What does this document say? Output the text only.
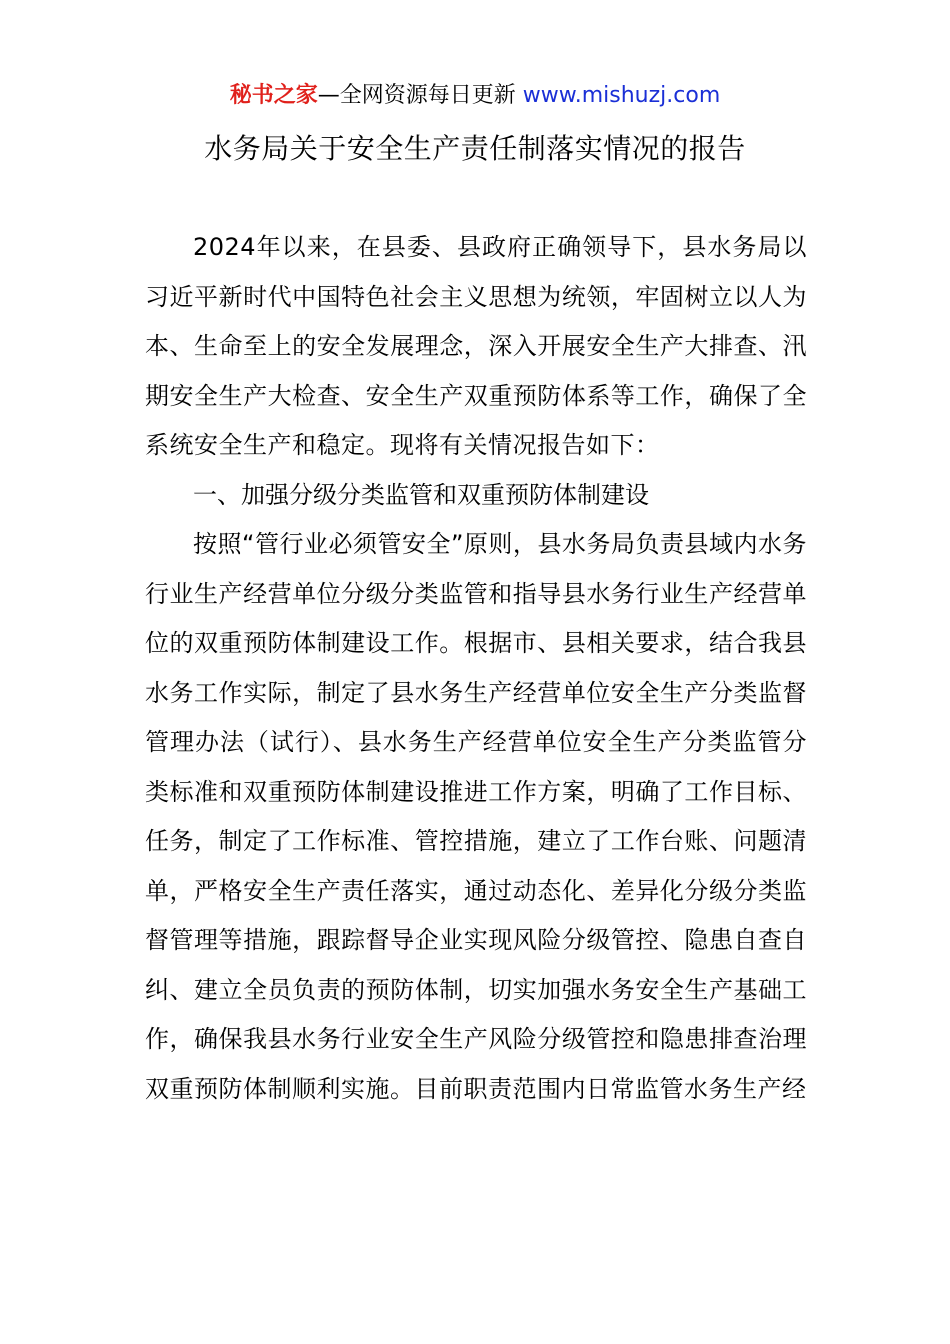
秘书之家—全网资源每日更新 www.mishuzj.com
水务局关于安全生产责任制落实情况的报告

2024年以来，在县委、县政府正确领导下，县水务局以习近平新时代中国特色社会主义思想为统领，牢固树立以人为本、生命至上的安全发展理念，深入开展安全生产大排查、汛期安全生产大检查、安全生产双重预防体系等工作，确保了全系统安全生产和稳定。现将有关情况报告如下：

一、加强分级分类监管和双重预防体制建设

按照“管行业必须管安全”原则，县水务局负责县域内水务行业生产经营单位分级分类监管和指导县水务行业生产经营单位的双重预防体制建设工作。根据市、县相关要求，结合我县水务工作实际，制定了县水务生产经营单位安全生产分类监督管理办法（试行）、县水务生产经营单位安全生产分类监管分类标准和双重预防体制建设推进工作方案，明确了工作目标、任务，制定了工作标准、管控措施，建立了工作台账、问题清单，严格安全生产责任落实，通过动态化、差异化分级分类监督管理等措施，跟踪督导企业实现风险分级管控、隐患自查自纠、建立全员负责的预防体制，切实加强水务安全生产基础工作，确保我县水务行业安全生产风险分级管控和隐患排查治理双重预防体制顺利实施。目前职责范围内日常监管水务生产经
